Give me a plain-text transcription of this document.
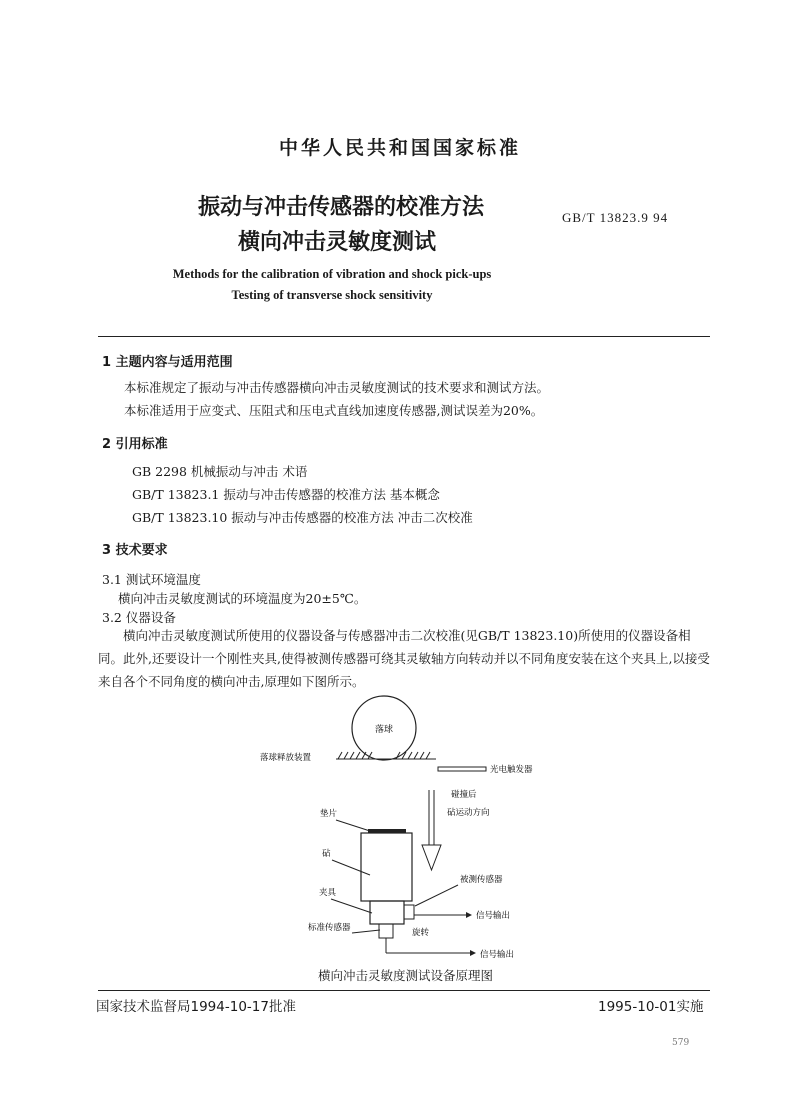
中华人民共和国国家标准
振动与冲击传感器的校准方法
横向冲击灵敏度测试
GB/T 13823.9 94
Methods for the calibration of vibration and shock pick-ups
Testing of transverse shock sensitivity
1 主题内容与适用范围
本标准规定了振动与冲击传感器横向冲击灵敏度测试的技术要求和测试方法。
本标准适用于应变式、压阻式和压电式直线加速度传感器,测试误差为20%。
2 引用标准
GB 2298 机械振动与冲击 术语
GB/T 13823.1 振动与冲击传感器的校准方法 基本概念
GB/T 13823.10 振动与冲击传感器的校准方法 冲击二次校准
3 技术要求
3.1 测试环境温度
横向冲击灵敏度测试的环境温度为20±5℃。
3.2 仪器设备
横向冲击灵敏度测试所使用的仪器设备与传感器冲击二次校准(见GB/T 13823.10)所使用的仪器设备相同。此外,还要设计一个刚性夹具,使得被测传感器可绕其灵敏轴方向转动并以不同角度安装在这个夹具上,以接受来自各个不同角度的横向冲击,原理如下图所示。
落球
落球释放装置
光电触发器
碰撞后
砧运动方向
垫片
砧
夹具
被测传感器
信号输出
旋转
标准传感器
信号输出
横向冲击灵敏度测试设备原理图
国家技术监督局1994-10-17批准	1995-10-01实施
579
